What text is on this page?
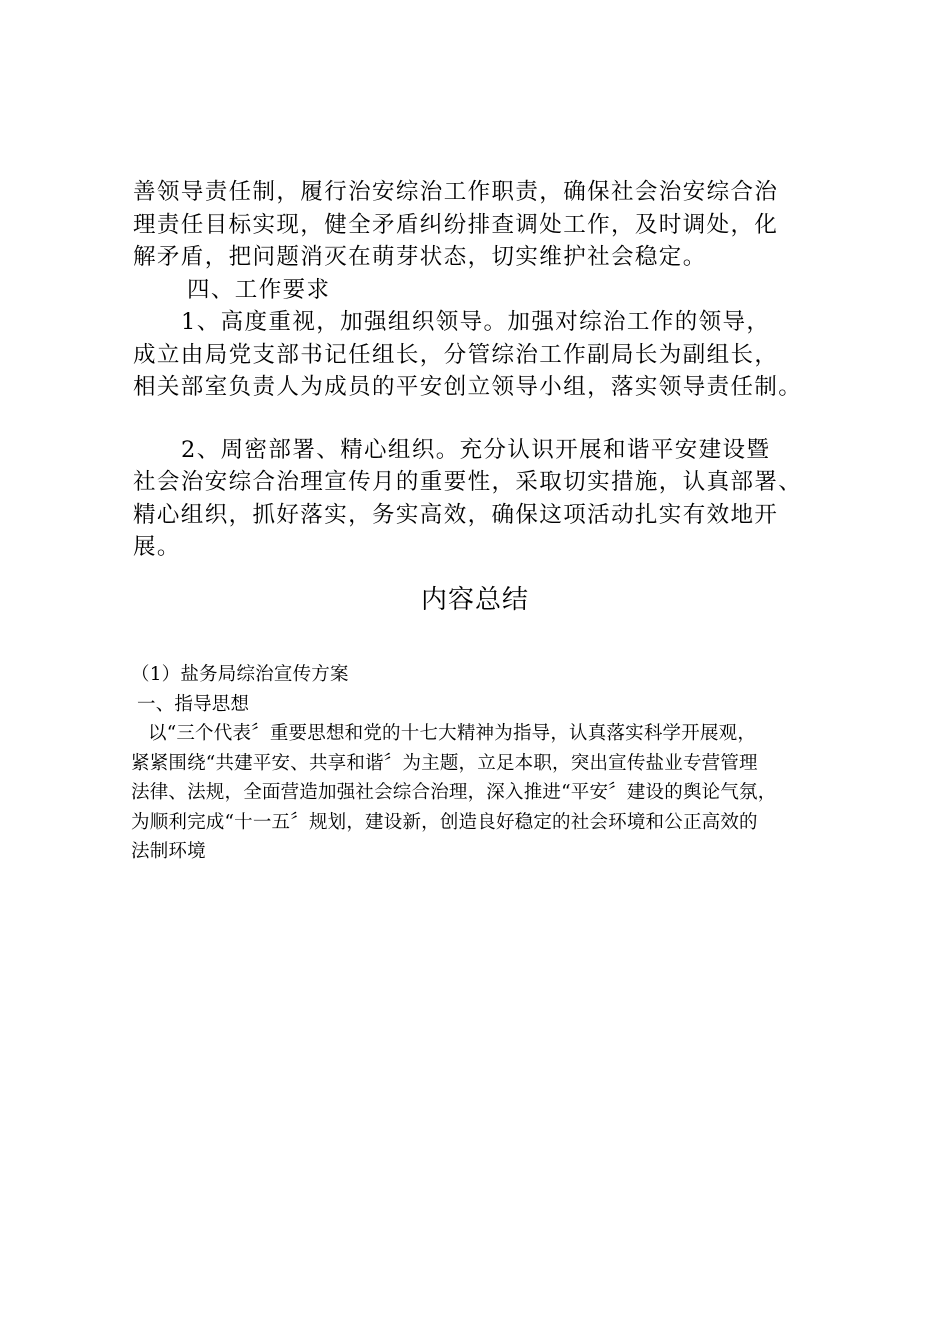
善领导责任制，履行治安综治工作职责，确保社会治安综合治
理责任目标实现，健全矛盾纠纷排查调处工作，及时调处，化
解矛盾，把问题消灭在萌芽状态，切实维护社会稳定。
四、工作要求
1、高度重视，加强组织领导。加强对综治工作的领导，
成立由局党支部书记任组长，分管综治工作副局长为副组长，
相关部室负责人为成员的平安创立领导小组，落实领导责任制。
2、周密部署、精心组织。充分认识开展和谐平安建设暨
社会治安综合治理宣传月的重要性，采取切实措施，认真部署、
精心组织，抓好落实，务实高效，确保这项活动扎实有效地开
展。
内容总结
（1）盐务局综治宣传方案
一、指导思想
以“三个代表〞重要思想和党的十七大精神为指导，认真落实科学开展观，
紧紧围绕“共建平安、共享和谐〞为主题，立足本职，突出宣传盐业专营管理
法律、法规，全面营造加强社会综合治理，深入推进“平安〞建设的舆论气氛，
为顺利完成“十一五〞规划，建设新，创造良好稳定的社会环境和公正高效的
法制环境
